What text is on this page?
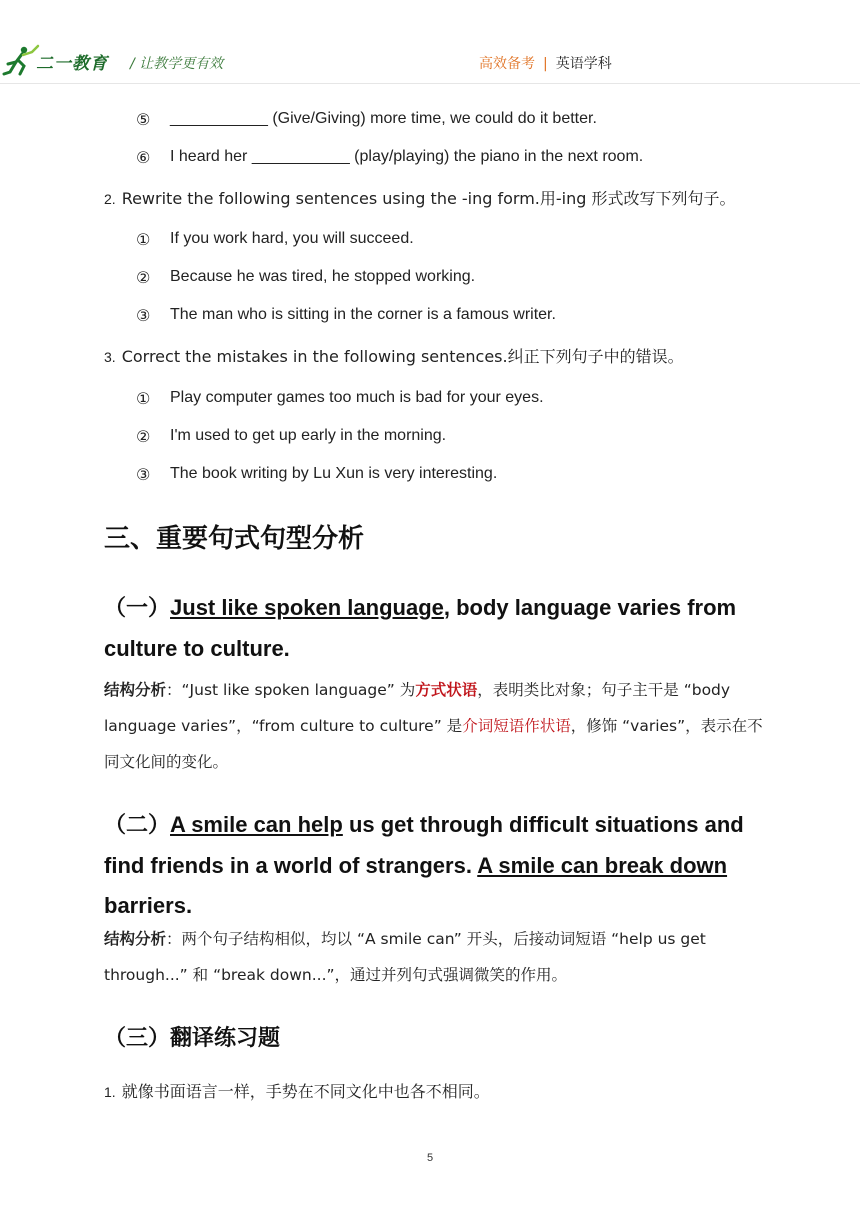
二一教育 / 让教学更有效	高效备考 | 英语学科
⑤ ___________ (Give/Giving) more time, we could do it better.
⑥ I heard her ___________ (play/playing) the piano in the next room.
2. Rewrite the following sentences using the -ing form.用-ing 形式改写下列句子。
① If you work hard, you will succeed.
② Because he was tired, he stopped working.
③ The man who is sitting in the corner is a famous writer.
3. Correct the mistakes in the following sentences.纠正下列句子中的错误。
① Play computer games too much is bad for your eyes.
② I'm used to get up early in the morning.
③ The book writing by Lu Xun is very interesting.
三、重要句式句型分析
（一）Just like spoken language, body language varies from culture to culture.
结构分析：“Just like spoken language” 为方式状语，表明类比对象；句子主干是 “body language varies”，“from culture to culture” 是介词短语作状语，修饰 “varies”，表示在不同文化间的变化。
（二）A smile can help us get through difficult situations and find friends in a world of strangers. A smile can break down barriers.
结构分析：两个句子结构相似，均以 “A smile can” 开头，后接动词短语 “help us get through...” 和 “break down...”，通过并列句式强调微笑的作用。
（三）翻译练习题
1. 就像书面语言一样，手势在不同文化中也各不相同。
5
